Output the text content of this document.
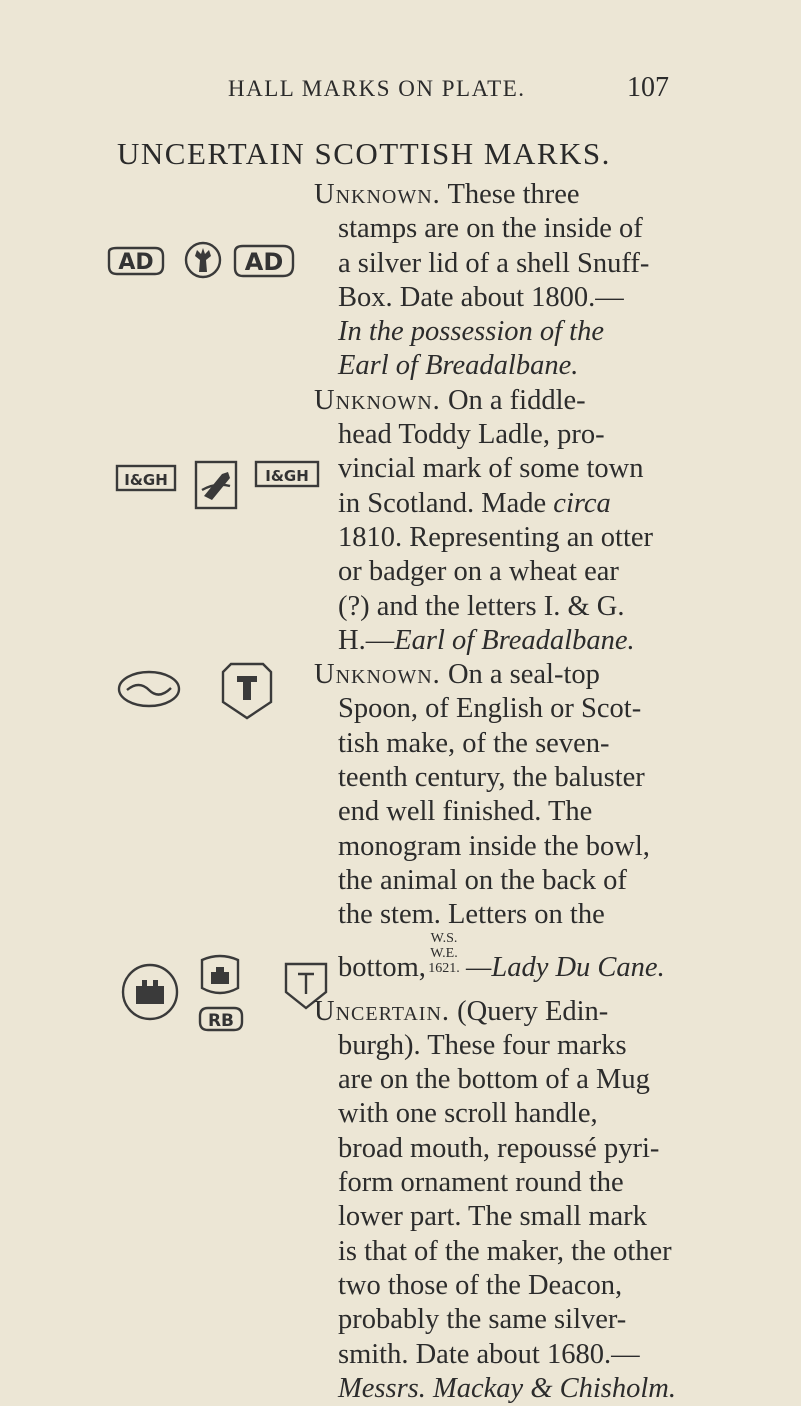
HALL MARKS ON PLATE.	107
UNCERTAIN SCOTTISH MARKS.
AD	AD
I&GH	I&GH
RB
Unknown. These three
stamps are on the inside of
a silver lid of a shell Snuff-
Box. Date about 1800.—
In the possession of the
Earl of Breadalbane.
Unknown. On a fiddle-
head Toddy Ladle, pro-
vincial mark of some town
in Scotland. Made circa
1810. Representing an otter
or badger on a wheat ear
(?) and the letters I. & G.
H.—Earl of Breadalbane.
Unknown. On a seal-top
Spoon, of English or Scot-
tish make, of the seven-
teenth century, the baluster
end well finished. The
monogram inside the bowl,
the animal on the back of
the stem. Letters on the
bottom,
W.S.
W.E.
1621. —Lady Du Cane.
Uncertain. (Query Edin-
burgh). These four marks
are on the bottom of a Mug
with one scroll handle,
broad mouth, repoussé pyri-
form ornament round the
lower part. The small mark
is that of the maker, the other
two those of the Deacon,
probably the same silver-
smith. Date about 1680.—
Messrs. Mackay & Chisholm.
